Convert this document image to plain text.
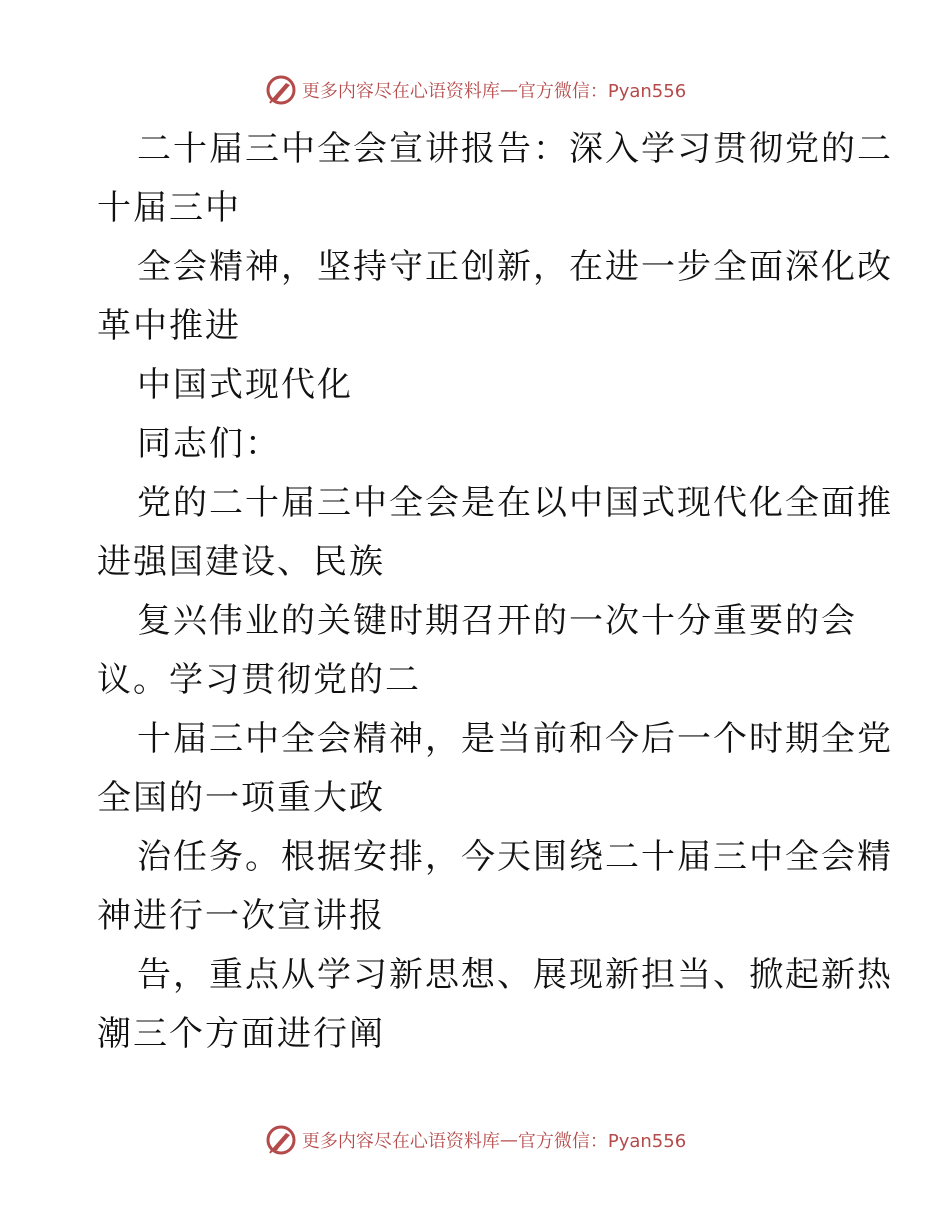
更多内容尽在心语资料库 — 官方微信：Pyan556
二十届三中全会宣讲报告：深入学习贯彻党的二
十届三中
全会精神，坚持守正创新，在进一步全面深化改
革中推进
中国式现代化
同志们：
党的二十届三中全会是在以中国式现代化全面推
进强国建设、民族
复兴伟业的关键时期召开的一次十分重要的会
议。学习贯彻党的二
十届三中全会精神，是当前和今后一个时期全党
全国的一项重大政
治任务。根据安排，今天围绕二十届三中全会精
神进行一次宣讲报
告，重点从学习新思想、展现新担当、掀起新热
潮三个方面进行阐
更多内容尽在心语资料库 — 官方微信：Pyan556
